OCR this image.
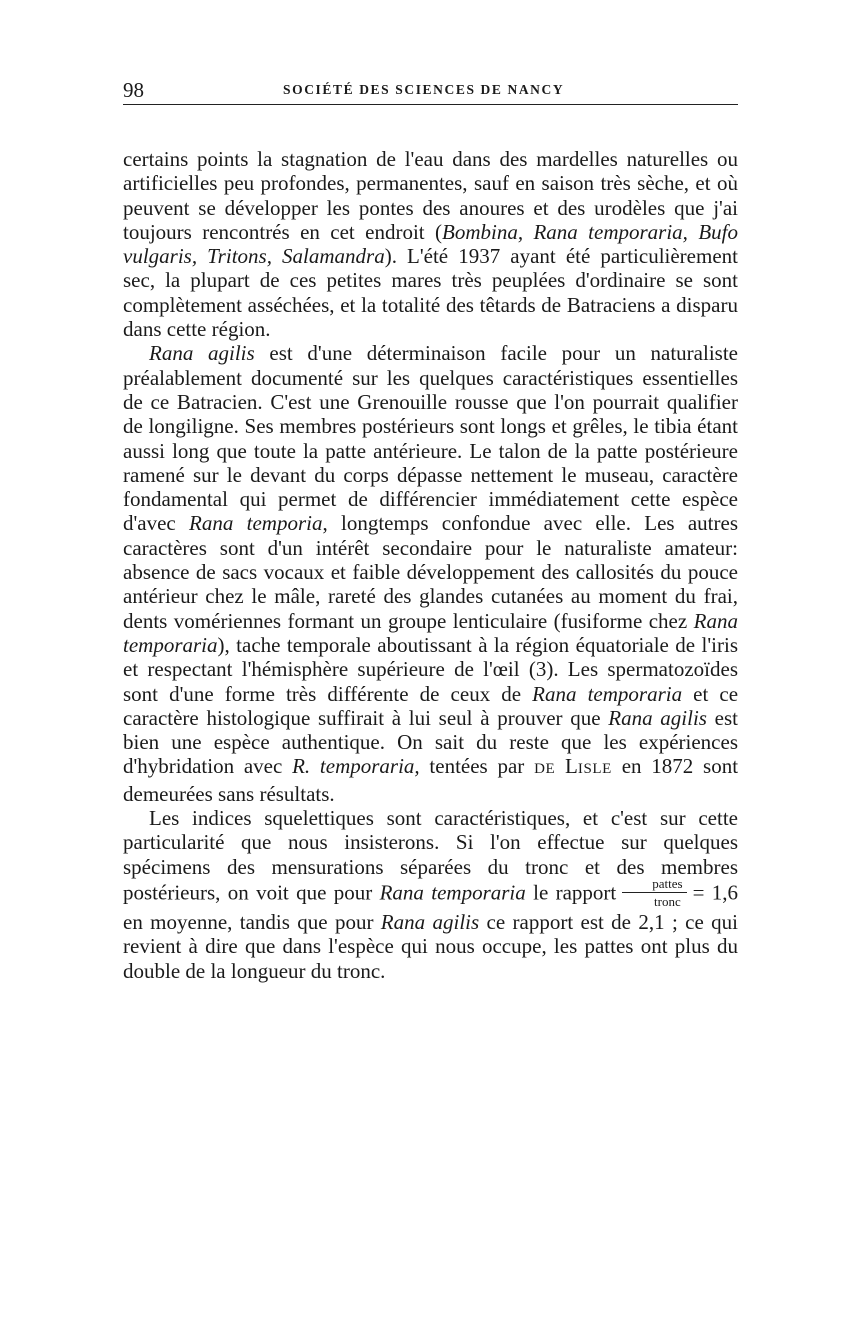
98	SOCIÉTÉ DES SCIENCES DE NANCY

certains points la stagnation de l'eau dans des mardelles naturelles ou artificielles peu profondes, permanentes, sauf en saison très sèche, et où peuvent se développer les pontes des anoures et des urodèles que j'ai toujours rencontrés en cet endroit (Bombina, Rana temporaria, Bufo vulgaris, Tritons, Salamandra). L'été 1937 ayant été particulièrement sec, la plupart de ces petites mares très peuplées d'ordinaire se sont complètement asséchées, et la totalité des têtards de Batraciens a disparu dans cette région.

Rana agilis est d'une déterminaison facile pour un naturaliste préalablement documenté sur les quelques caractéristiques essentielles de ce Batracien. C'est une Grenouille rousse que l'on pourrait qualifier de longiligne. Ses membres postérieurs sont longs et grêles, le tibia étant aussi long que toute la patte antérieure. Le talon de la patte postérieure ramené sur le devant du corps dépasse nettement le museau, caractère fondamental qui permet de différencier immédiatement cette espèce d'avec Rana temporia, longtemps confondue avec elle. Les autres caractères sont d'un intérêt secondaire pour le naturaliste amateur: absence de sacs vocaux et faible développement des callosités du pouce antérieur chez le mâle, rareté des glandes cutanées au moment du frai, dents vomériennes formant un groupe lenticulaire (fusiforme chez Rana temporaria), tache temporale aboutissant à la région équatoriale de l'iris et respectant l'hémisphère supérieure de l'œil (3). Les spermatozoïdes sont d'une forme très différente de ceux de Rana temporaria et ce caractère histologique suffirait à lui seul à prouver que Rana agilis est bien une espèce authentique. On sait du reste que les expériences d'hybridation avec R. temporaria, tentées par DE LISLE en 1872 sont demeurées sans résultats.

Les indices squelettiques sont caractéristiques, et c'est sur cette particularité que nous insisterons. Si l'on effectue sur quelques spécimens des mensurations séparées du tronc et des membres postérieurs, on voit que pour Rana temporaria le rapport $\frac{\text{pattes}}{\text{tronc}} = 1,6$ en moyenne, tandis que pour Rana agilis ce rapport est de 2,1 ; ce qui revient à dire que dans l'espèce qui nous occupe, les pattes ont plus du double de la longueur du tronc.
